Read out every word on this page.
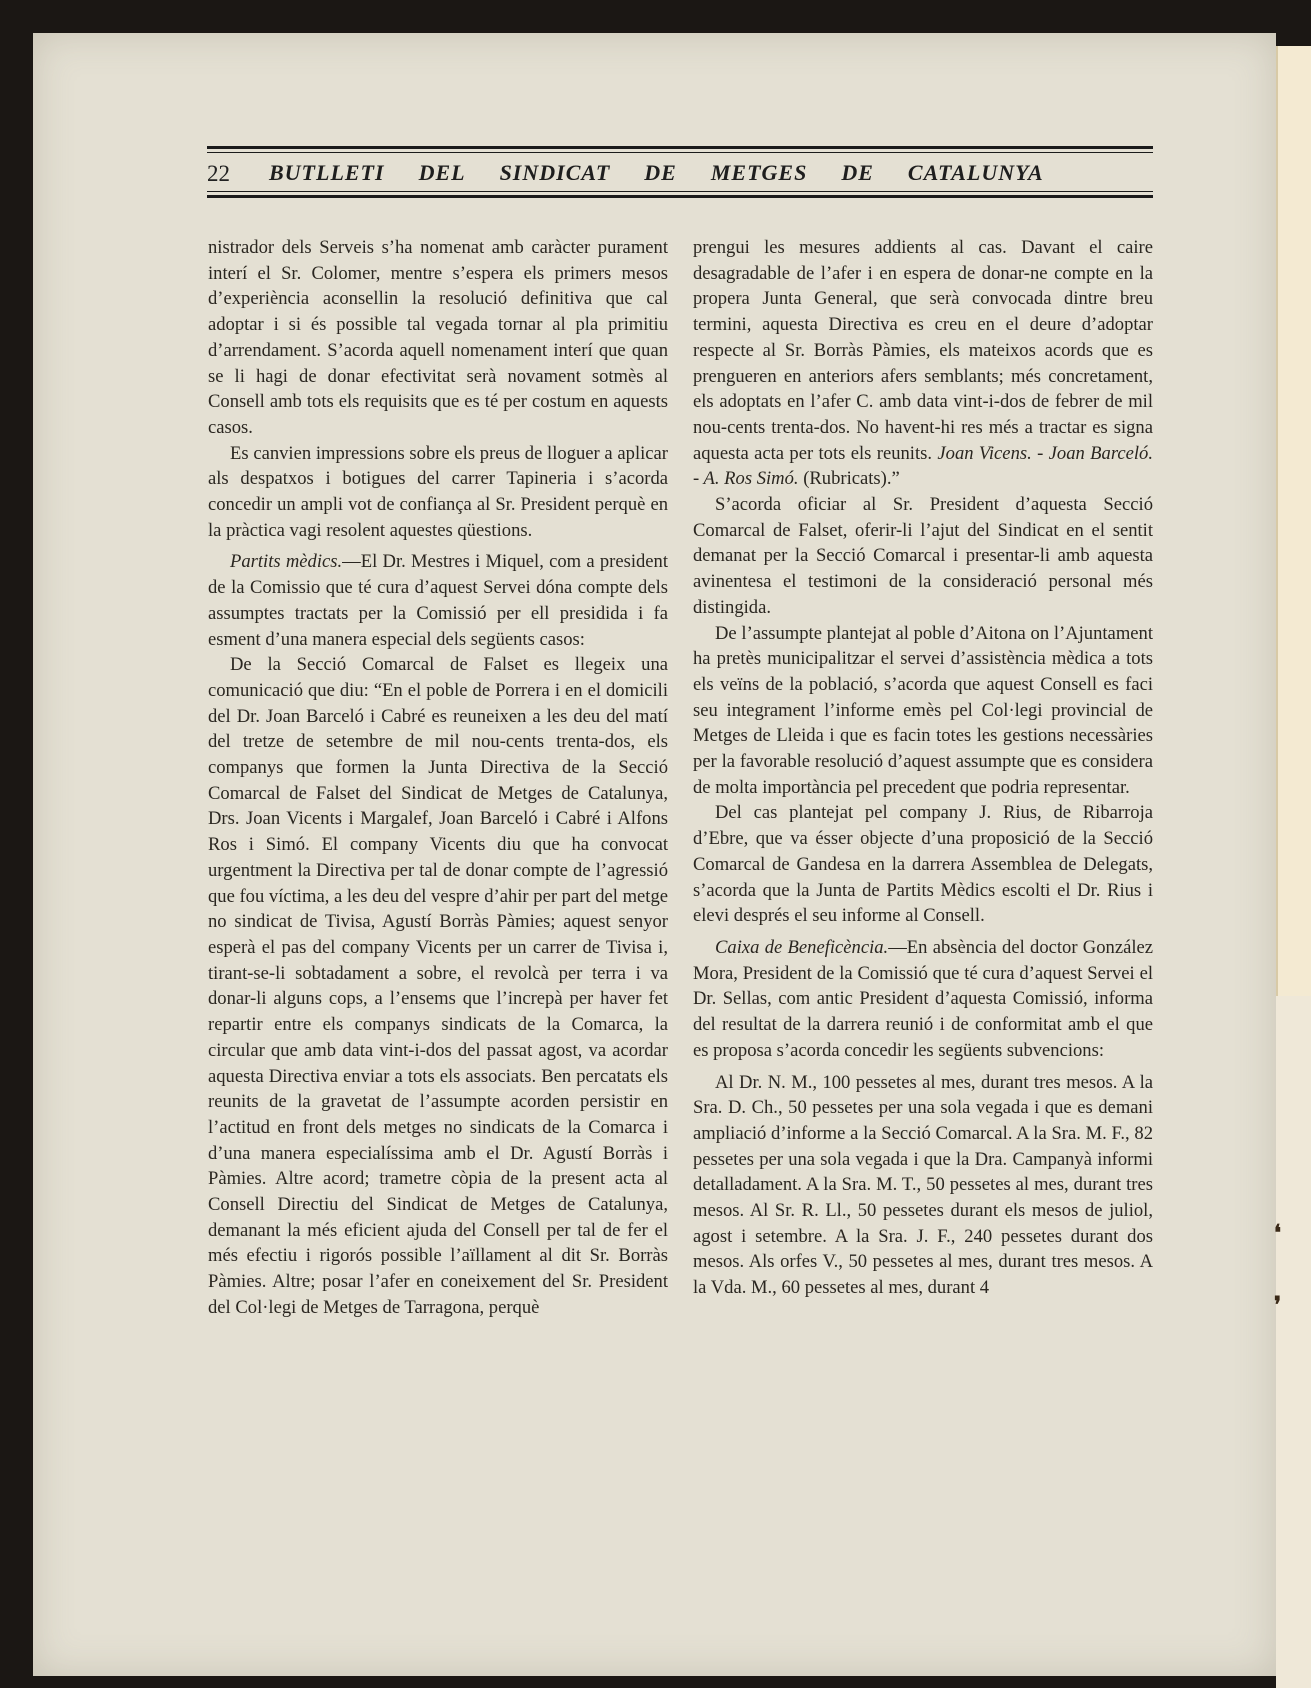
22 BUTLLETI DEL SINDICAT DE METGES DE CATALUNYA

nistrador dels Serveis s’ha nomenat amb caràcter purament interí el Sr. Colomer, mentre s’espera els primers mesos d’experiència aconsellin la resolució definitiva que cal adoptar i si és possible tal vegada tornar al pla primitiu d’arrendament. S’acorda aquell nomenament interí que quan se li hagi de donar efectivitat serà novament sotmès al Consell amb tots els requisits que es té per costum en aquests casos.

Es canvien impressions sobre els preus de lloguer a aplicar als despatxos i botigues del carrer Tapineria i s’acorda concedir un ampli vot de confiança al Sr. President perquè en la pràctica vagi resolent aquestes qüestions.

Partits mèdics.—El Dr. Mestres i Miquel, com a president de la Comissio que té cura d’aquest Servei dóna compte dels assumptes tractats per la Comissió per ell presidida i fa esment d’una manera especial dels següents casos:

De la Secció Comarcal de Falset es llegeix una comunicació que diu: “En el poble de Porrera i en el domicili del Dr. Joan Barceló i Cabré es reuneixen a les deu del matí del tretze de setembre de mil nou-cents trenta-dos, els companys que formen la Junta Directiva de la Secció Comarcal de Falset del Sindicat de Metges de Catalunya, Drs. Joan Vicents i Margalef, Joan Barceló i Cabré i Alfons Ros i Simó. El company Vicents diu que ha convocat urgentment la Directiva per tal de donar compte de l’agressió que fou víctima, a les deu del vespre d’ahir per part del metge no sindicat de Tivisa, Agustí Borràs Pàmies; aquest senyor esperà el pas del company Vicents per un carrer de Tivisa i, tirant-se-li sobtadament a sobre, el revolcà per terra i va donar-li alguns cops, a l’ensems que l’increpà per haver fet repartir entre els companys sindicats de la Comarca, la circular que amb data vint-i-dos del passat agost, va acordar aquesta Directiva enviar a tots els associats. Ben percatats els reunits de la gravetat de l’assumpte acorden persistir en l’actitud en front dels metges no sindicats de la Comarca i d’una manera especialíssima amb el Dr. Agustí Borràs i Pàmies. Altre acord; trametre còpia de la present acta al Consell Directiu del Sindicat de Metges de Catalunya, demanant la més eficient ajuda del Consell per tal de fer el més efectiu i rigorós possible l’aïllament al dit Sr. Borràs Pàmies. Altre; posar l’afer en coneixement del Sr. President del Col·legi de Metges de Tarragona, perquè

prengui les mesures addients al cas. Davant el caire desagradable de l’afer i en espera de donar-ne compte en la propera Junta General, que serà convocada dintre breu termini, aquesta Directiva es creu en el deure d’adoptar respecte al Sr. Borràs Pàmies, els mateixos acords que es prengueren en anteriors afers semblants; més concretament, els adoptats en l’afer C. amb data vint-i-dos de febrer de mil nou-cents trenta-dos. No havent-hi res més a tractar es signa aquesta acta per tots els reunits. Joan Vicens. - Joan Barceló. - A. Ros Simó. (Rubricats).”

S’acorda oficiar al Sr. President d’aquesta Secció Comarcal de Falset, oferir-li l’ajut del Sindicat en el sentit demanat per la Secció Comarcal i presentar-li amb aquesta avinentesa el testimoni de la consideració personal més distingida.

De l’assumpte plantejat al poble d’Aitona on l’Ajuntament ha pretès municipalitzar el servei d’assistència mèdica a tots els veïns de la població, s’acorda que aquest Consell es faci seu integrament l’informe emès pel Col·legi provincial de Metges de Lleida i que es facin totes les gestions necessàries per la favorable resolució d’aquest assumpte que es considera de molta importància pel precedent que podria representar.

Del cas plantejat pel company J. Rius, de Ribarroja d’Ebre, que va ésser objecte d’una proposició de la Secció Comarcal de Gandesa en la darrera Assemblea de Delegats, s’acorda que la Junta de Partits Mèdics escolti el Dr. Rius i elevi després el seu informe al Consell.

Caixa de Beneficència.—En absència del doctor González Mora, President de la Comissió que té cura d’aquest Servei el Dr. Sellas, com antic President d’aquesta Comissió, informa del resultat de la darrera reunió i de conformitat amb el que es proposa s’acorda concedir les següents subvencions:

Al Dr. N. M., 100 pessetes al mes, durant tres mesos. A la Sra. D. Ch., 50 pessetes per una sola vegada i que es demani ampliació d’informe a la Secció Comarcal. A la Sra. M. F., 82 pessetes per una sola vegada i que la Dra. Campanyà informi detalladament. A la Sra. M. T., 50 pessetes al mes, durant tres mesos. Al Sr. R. Ll., 50 pessetes durant els mesos de juliol, agost i setembre. A la Sra. J. F., 240 pessetes durant dos mesos. Als orfes V., 50 pessetes al mes, durant tres mesos. A la Vda. M., 60 pessetes al mes, durant 4

❛
❜
